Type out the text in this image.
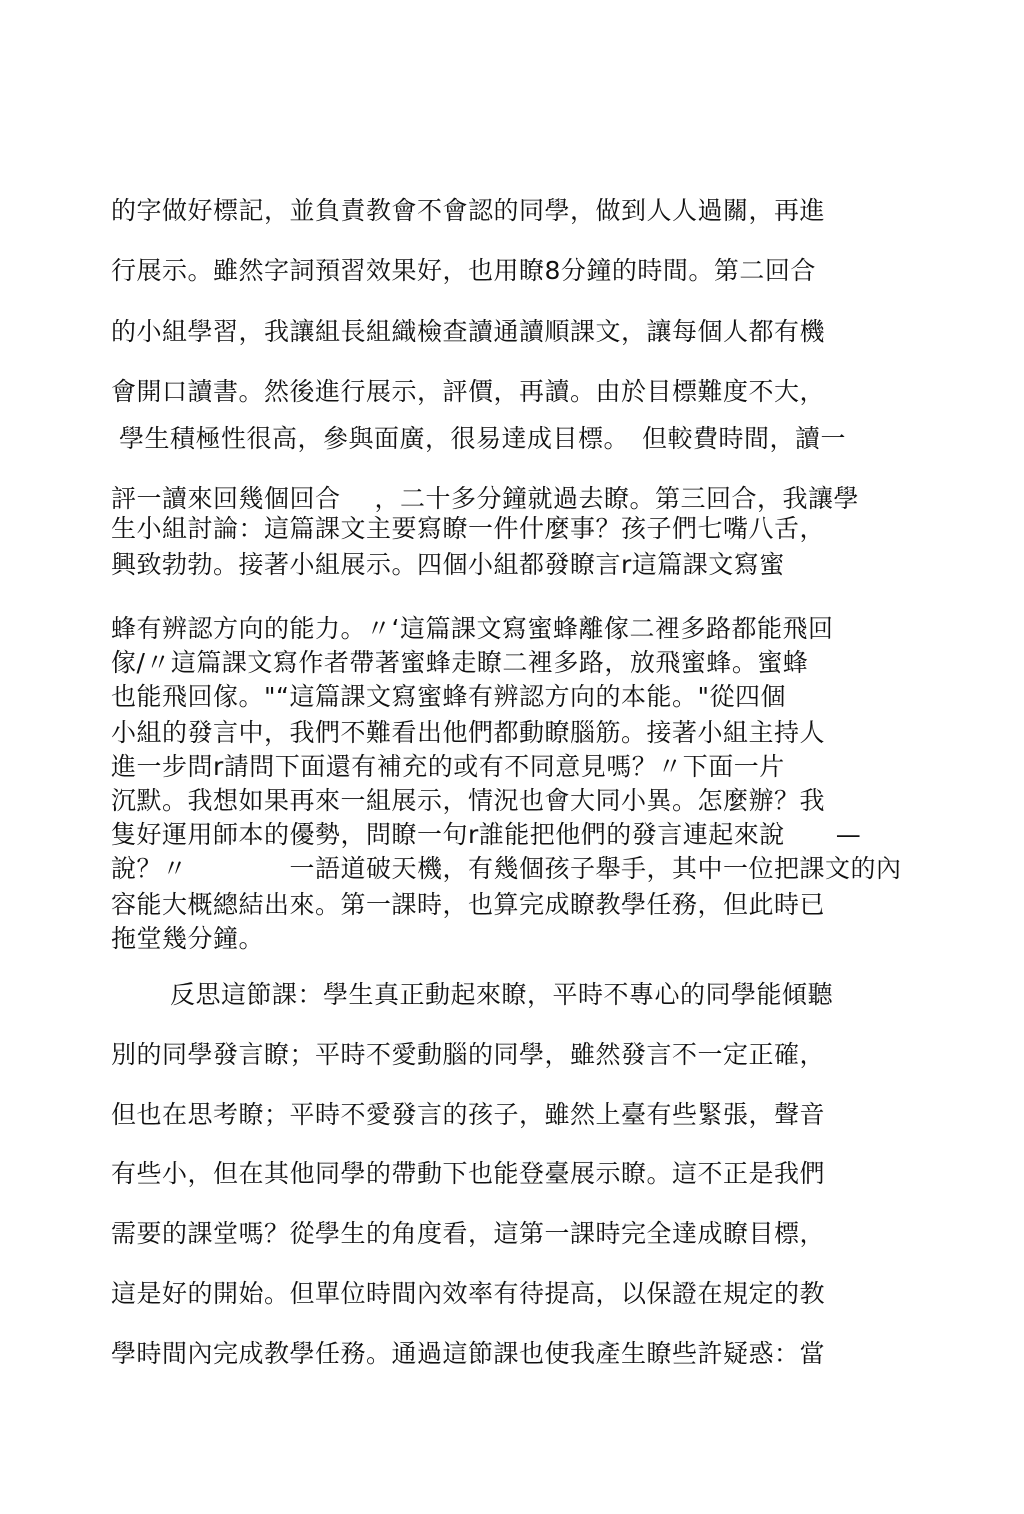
的字做好標記，並負責教會不會認的同學，做到人人過關，再進
行展示。雖然字詞預習效果好，也用瞭8分鐘的時間。第二回合
的小組學習，我讓組長組織檢查讀通讀順課文，讓每個人都有機
會開口讀書。然後進行展示，評價，再讀。由於目標難度不大，
學生積極性很高，參與面廣，很易達成目標。　但較費時間，讀一
評一讀來回幾個回合　 ，二十多分鐘就過去瞭。第三回合，我讓學
生小組討論：這篇課文主要寫瞭一件什麼事？孩子們七嘴八舌，
興致勃勃。接著小組展示。四個小組都發瞭言r這篇課文寫蜜
蜂有辨認方向的能力。〃‘這篇課文寫蜜蜂離傢二裡多路都能飛回
傢/〃這篇課文寫作者帶著蜜蜂走瞭二裡多路，放飛蜜蜂。蜜蜂
也能飛回傢。"“這篇課文寫蜜蜂有辨認方向的本能。"從四個
小組的發言中，我們不難看出他們都動瞭腦筋。接著小組主持人
進一步問r請問下面還有補充的或有不同意見嗎？〃下面一片
沉默。我想如果再來一組展示，情況也會大同小異。怎麼辦？我
隻好運用師本的優勢，問瞭一句r誰能把他們的發言連起來說　　—
說？〃　　　　一語道破天機，有幾個孩子舉手，其中一位把課文的內
容能大概總結出來。第一課時，也算完成瞭教學任務，但此時已
拖堂幾分鐘。
反思這節課：學生真正動起來瞭，平時不專心的同學能傾聽
別的同學發言瞭；平時不愛動腦的同學，雖然發言不一定正確，
但也在思考瞭；平時不愛發言的孩子，雖然上臺有些緊張，聲音
有些小，但在其他同學的帶動下也能登臺展示瞭。這不正是我們
需要的課堂嗎？從學生的角度看，這第一課時完全達成瞭目標，
這是好的開始。但單位時間內效率有待提高，以保證在規定的教
學時間內完成教學任務。通過這節課也使我產生瞭些許疑惑：當
